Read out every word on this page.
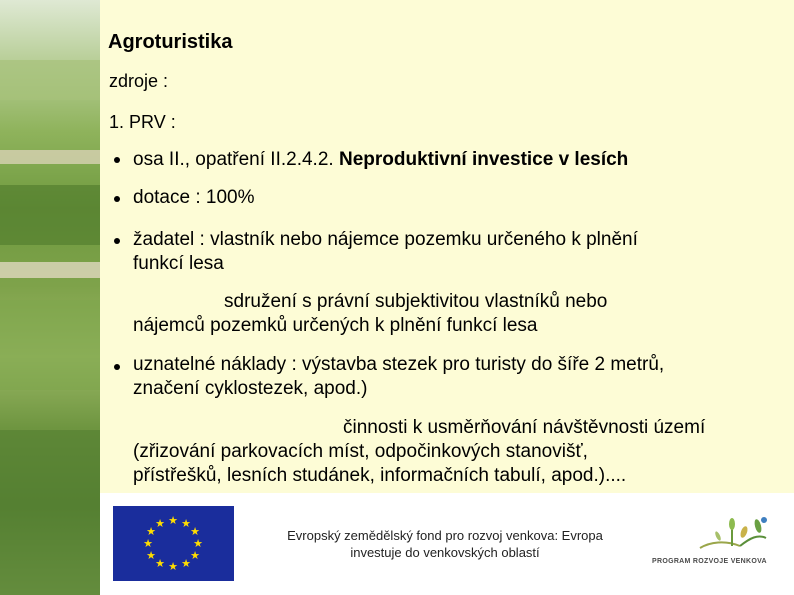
Agroturistika
zdroje :
1. PRV :
osa II., opatření II.2.4.2. Neproduktivní investice v lesích
dotace : 100%
žadatel : vlastník nebo nájemce pozemku určeného k plnění
funkcí lesa
sdružení s právní subjektivitou vlastníků nebo
nájemců pozemků určených k plnění funkcí lesa
uznatelné náklady : výstavba stezek pro turisty do šíře 2 metrů,
značení cyklostezek, apod.)
činnosti k usměrňování návštěvnosti území
(zřizování parkovacích míst, odpočinkových stanovišť,
přístřešků, lesních studánek, informačních tabulí, apod.)....
★ ★
★
★
★
★
★
★
★
★
★
★
Evropský zemědělský fond pro rozvoj venkova: Evropa
investuje do venkovských oblastí
PROGRAM ROZVOJE VENKOVA
